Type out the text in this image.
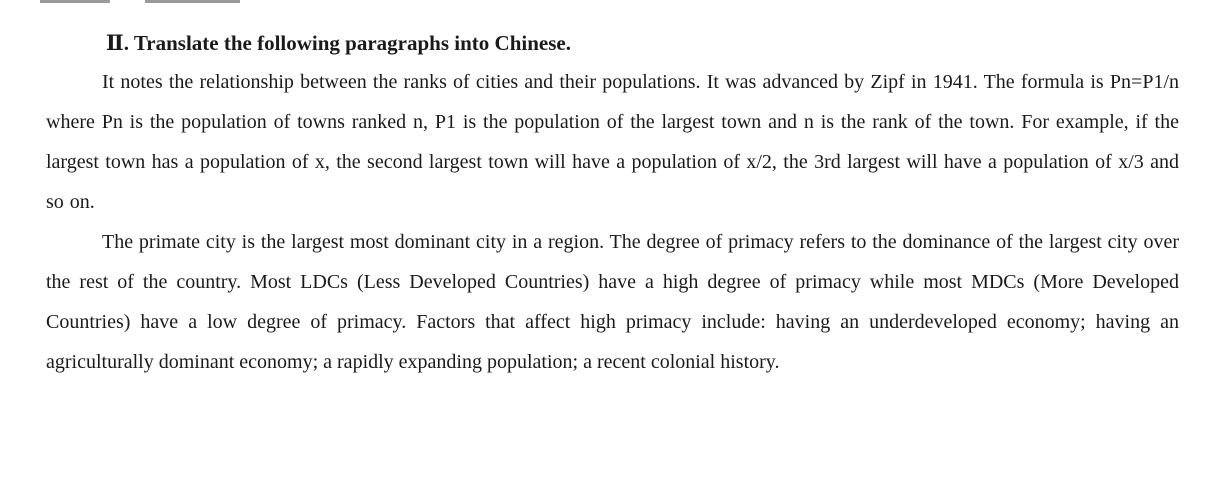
Ⅱ. Translate the following paragraphs into Chinese.

It notes the relationship between the ranks of cities and their populations. It was advanced by Zipf in 1941. The formula is Pn=P1/n where Pn is the population of towns ranked n, P1 is the population of the largest town and n is the rank of the town. For example, if the largest town has a population of x, the second largest town will have a population of x/2, the 3rd largest will have a population of x/3 and so on.

The primate city is the largest most dominant city in a region. The degree of primacy refers to the dominance of the largest city over the rest of the country. Most LDCs (Less Developed Countries) have a high degree of primacy while most MDCs (More Developed Countries) have a low degree of primacy. Factors that affect high primacy include: having an underdeveloped economy; having an agriculturally dominant economy; a rapidly expanding population; a recent colonial history.
